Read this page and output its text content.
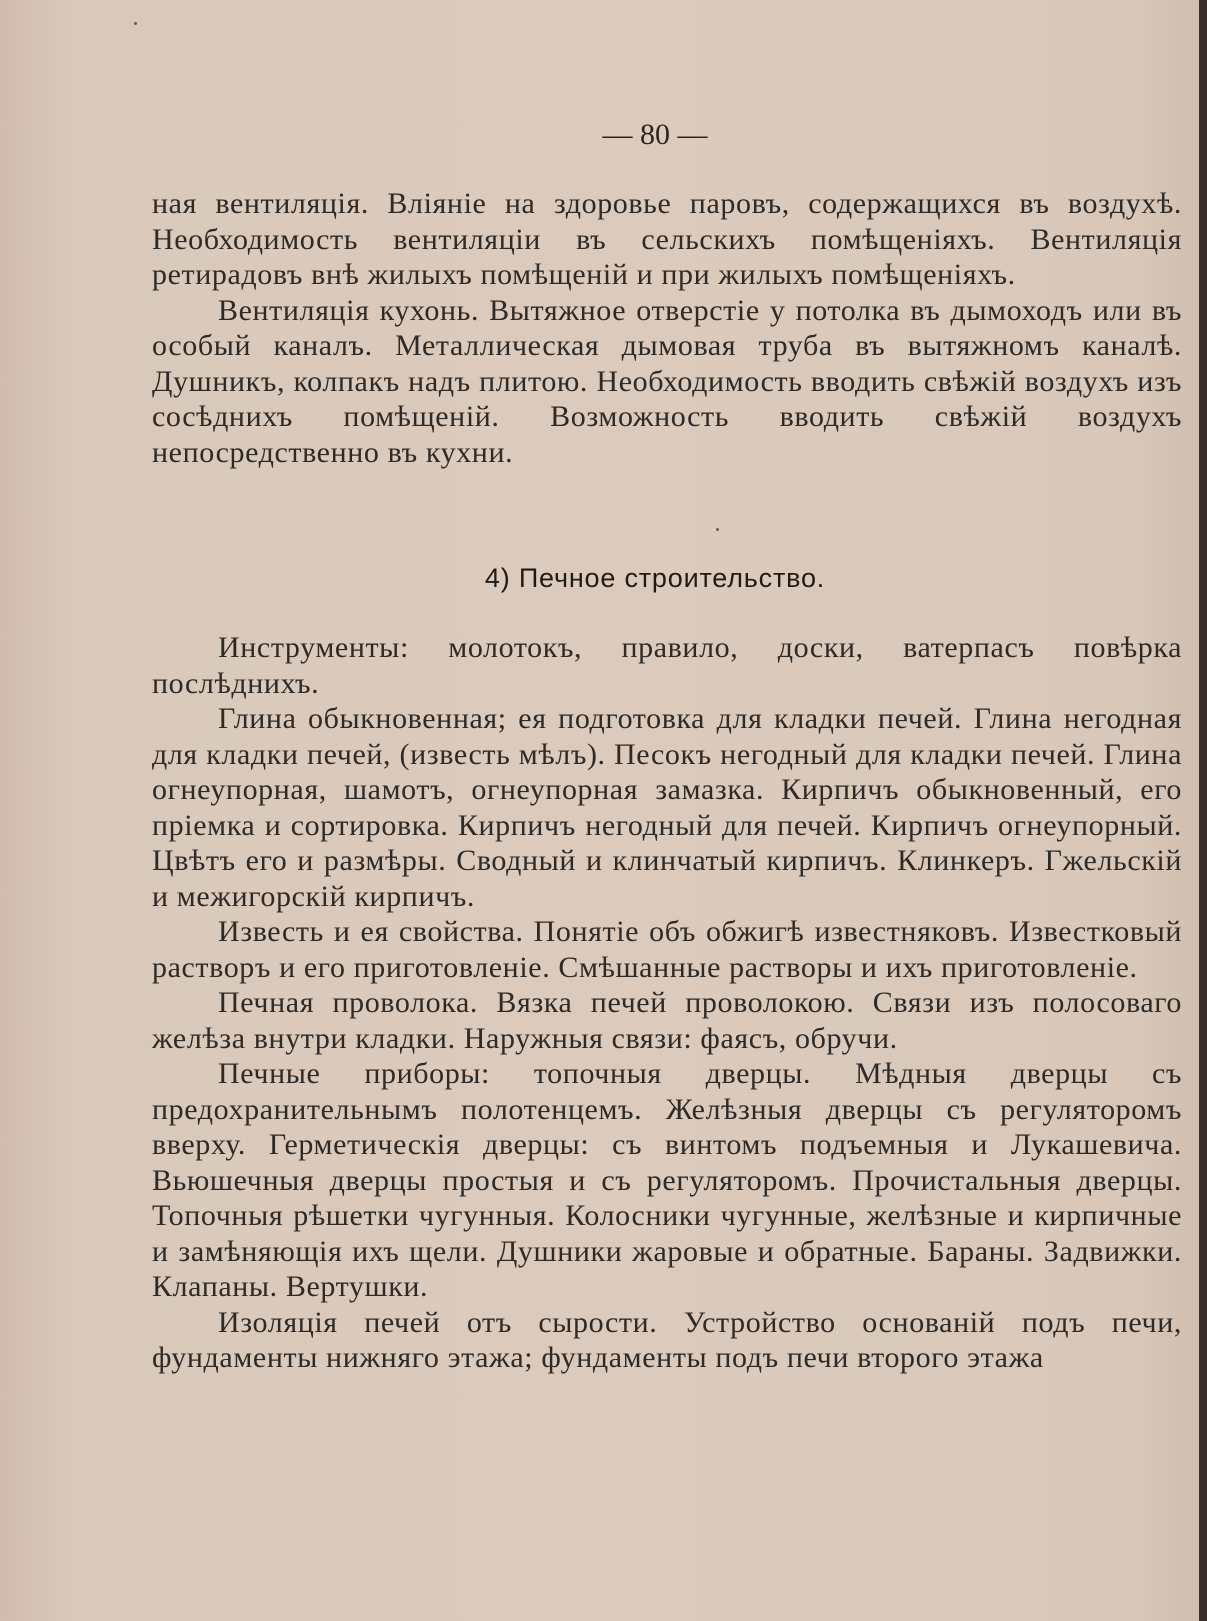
— 80 —

ная вентиляція. Вліяніе на здоровье паровъ, содержащихся въ воздухѣ. Необходимость вентиляціи въ сельскихъ помѣщеніяхъ. Вентиляція ретирадовъ внѣ жилыхъ помѣщеній и при жилыхъ помѣщеніяхъ.

Вентиляція кухонь. Вытяжное отверстіе у потолка въ дымоходъ или въ особый каналъ. Металлическая дымовая труба въ вытяжномъ каналѣ. Душникъ, колпакъ надъ плитою. Необходимость вводить свѣжій воздухъ изъ сосѣднихъ помѣщеній. Возможность вводить свѣжій воздухъ непосредственно въ кухни.

4) Печное строительство.

Инструменты: молотокъ, правило, доски, ватерпасъ повѣрка послѣднихъ.

Глина обыкновенная; ея подготовка для кладки печей. Глина негодная для кладки печей, (известь мѣлъ). Песокъ негодный для кладки печей. Глина огнеупорная, шамотъ, огнеупорная замазка. Кирпичъ обыкновенный, его пріемка и сортировка. Кирпичъ негодный для печей. Кирпичъ огнеупорный. Цвѣтъ его и размѣры. Сводный и клинчатый кирпичъ. Клинкеръ. Гжельскій и межигорскій кирпичъ.

Известь и ея свойства. Понятіе объ обжигѣ известняковъ. Известковый растворъ и его приготовленіе. Смѣшанные растворы и ихъ приготовленіе.

Печная проволока. Вязка печей проволокою. Связи изъ полосоваго желѣза внутри кладки. Наружныя связи: фаясъ, обручи.

Печные приборы: топочныя дверцы. Мѣдныя дверцы съ предохранительнымъ полотенцемъ. Желѣзныя дверцы съ регуляторомъ вверху. Герметическія дверцы: съ винтомъ подъемныя и Лукашевича. Вьюшечныя дверцы простыя и съ регуляторомъ. Прочистальныя дверцы. Топочныя рѣшетки чугунныя. Колосники чугунные, желѣзные и кирпичные и замѣняющія ихъ щели. Душники жаровые и обратные. Бараны. Задвижки. Клапаны. Вертушки.

Изоляція печей отъ сырости. Устройство основаній подъ печи, фундаменты нижняго этажа; фундаменты подъ печи второго этажа
